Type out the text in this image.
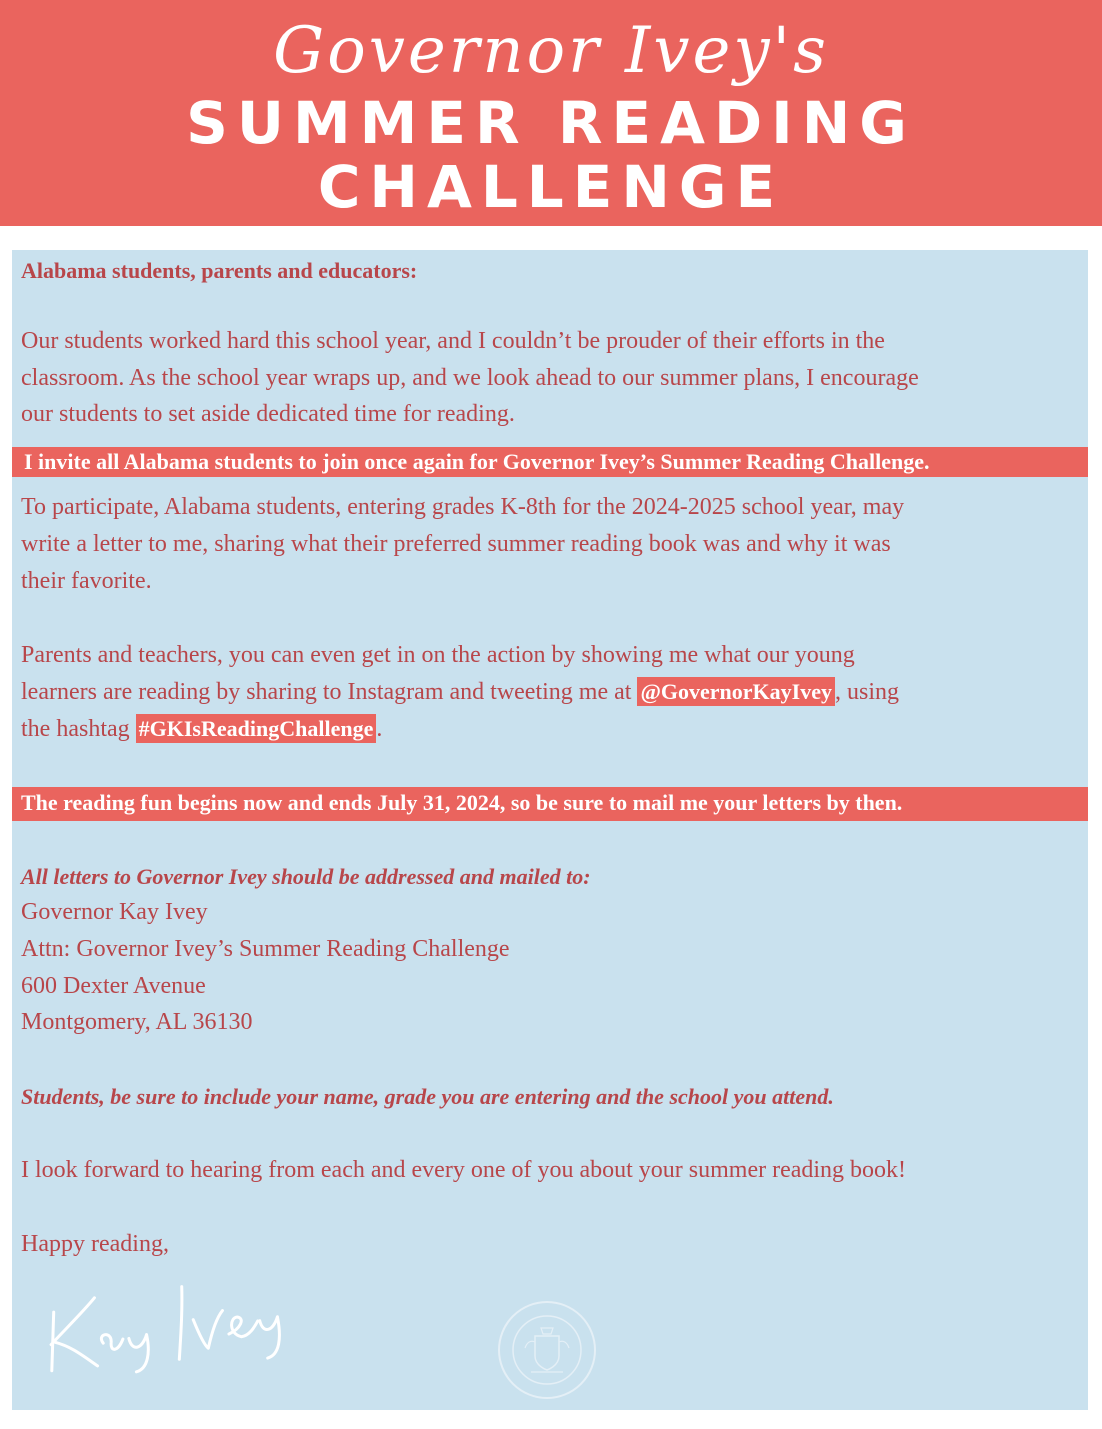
Governor Ivey's
SUMMER READING
CHALLENGE

Alabama students, parents and educators:

Our students worked hard this school year, and I couldn’t be prouder of their efforts in the

classroom. As the school year wraps up, and we look ahead to our summer plans, I encourage

our students to set aside dedicated time for reading.

I invite all Alabama students to join once again for Governor Ivey’s Summer Reading Challenge.

To participate, Alabama students, entering grades K-8th for the 2024-2025 school year, may

write a letter to me, sharing what their preferred summer reading book was and why it was

their favorite.

Parents and teachers, you can even get in on the action by showing me what our young

learners are reading by sharing to Instagram and tweeting me at @GovernorKayIvey , using

the hashtag #GKIsReadingChallenge .

The reading fun begins now and ends July 31, 2024, so be sure to mail me your letters by then.

All letters to Governor Ivey should be addressed and mailed to:

Governor Kay Ivey

Attn: Governor Ivey’s Summer Reading Challenge

600 Dexter Avenue

Montgomery, AL 36130

Students, be sure to include your name, grade you are entering and the school you attend.

I look forward to hearing from each and every one of you about your summer reading book!

Happy reading,
